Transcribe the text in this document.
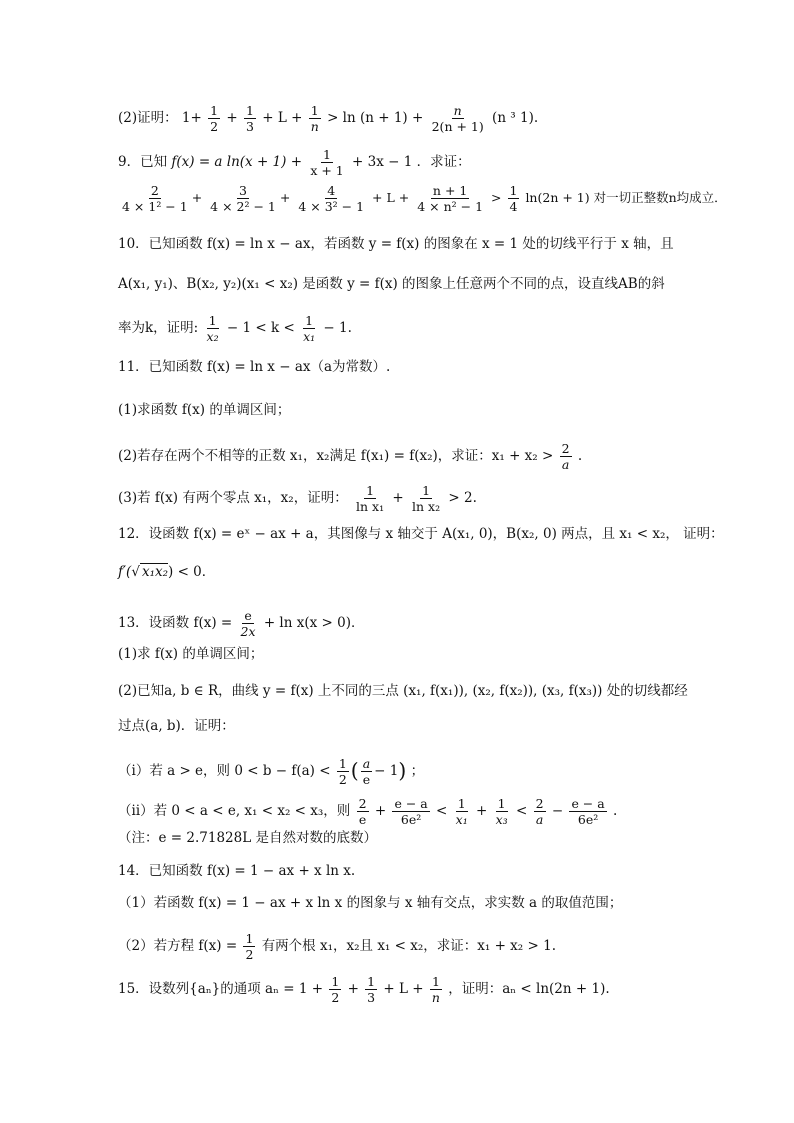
(2)证明： $1+ \frac{1}{2} + \frac{1}{3} + L + \frac{1}{n} > \ln (n + 1) + \frac{n}{2(n + 1)} (n$ ³ 1).
9．已知 f(x) = a $\ln(x + 1) + \frac{1}{x + 1} + 3x - 1$ ．求证：
$\frac{2}{\text{4 × 1² − 1}} + \frac{3}{\text{4 × 2² − 1}} + \frac{4}{\text{4 × 3² − 1}} + L + \frac{n + 1}{\text{4 × n² − 1}} > \frac{1}{4} \ln(2n + 1)$ 对一切正整数n均成立．
10．已知函数 f(x) = ln x − ax，若函数 y = f(x) 的图象在 x = 1 处的切线平行于 x 轴，且
A(x₁, y₁)、B(x₂, y₂)(x₁ < x₂) 是函数 y = f(x) 的图象上任意两个不同的点，设直线AB的斜
率为k，证明: $\frac{1}{\text{x₂}} - 1 < k < \frac{1}{\text{x₁}} - 1$.
11．已知函数 f(x) = ln x − ax（a为常数）.
(1)求函数 f(x) 的单调区间；
(2)若存在两个不相等的正数 x₁，x₂满足 f(x₁) = f(x₂)，求证：$x_1 + x_2 > \frac{2}{a}$ .
(3)若 f(x) 有两个零点 x₁，x₂，证明： $\frac{1}{\text{ln x₁}} + \frac{1}{\text{ln x₂}} > 2$.
12．设函数 f(x) = eˣ − ax + a，其图像与 x 轴交于 A(x₁, 0)，B(x₂, 0) 两点，且 x₁ < x₂， 证明：
f′(√ x₁x₂) < 0．
13．设函数 $f(x) = \frac{e}{2x} + \ln x(x > 0)$．
(1)求 f(x) 的单调区间；
(2)已知a, b ∈ R，曲线 y = f(x) 上不同的三点 (x₁, f(x₁)), (x₂, f(x₂)), (x₃, f(x₃)) 处的切线都经
过点(a, b)．证明：
（ⅰ）若 a > e，则 $0 < b - f(a) < \frac{1}{2}$ ( $\frac{a}{e} - 1$) ；
（ⅱ）若 0 < a < e, x₁ < x₂ < x₃，则 $\frac{2}{e} + \frac{e - a}{\text{6e²}} < \frac{1}{\text{x₁}} + \frac{1}{\text{x₃}} < \frac{2}{a} - \frac{e - a}{\text{6e²}}$ .
（注：e = 2.71828L 是自然对数的底数）
14．已知函数 f(x) = 1 − ax + x ln x.
（1）若函数 f(x) = 1 − ax + x ln x 的图象与 x 轴有交点，求实数 a 的取值范围；
（2）若方程 $f(x) = \frac{1}{2}$ 有两个根 x₁，x₂且 x₁ < x₂，求证：x₁ + x₂ > 1.
15．设数列{aₙ}的通项 $a_n = 1 + \frac{1}{2} + \frac{1}{3} + L + \frac{1}{n}$ ，证明：aₙ < ln(2n + 1).
